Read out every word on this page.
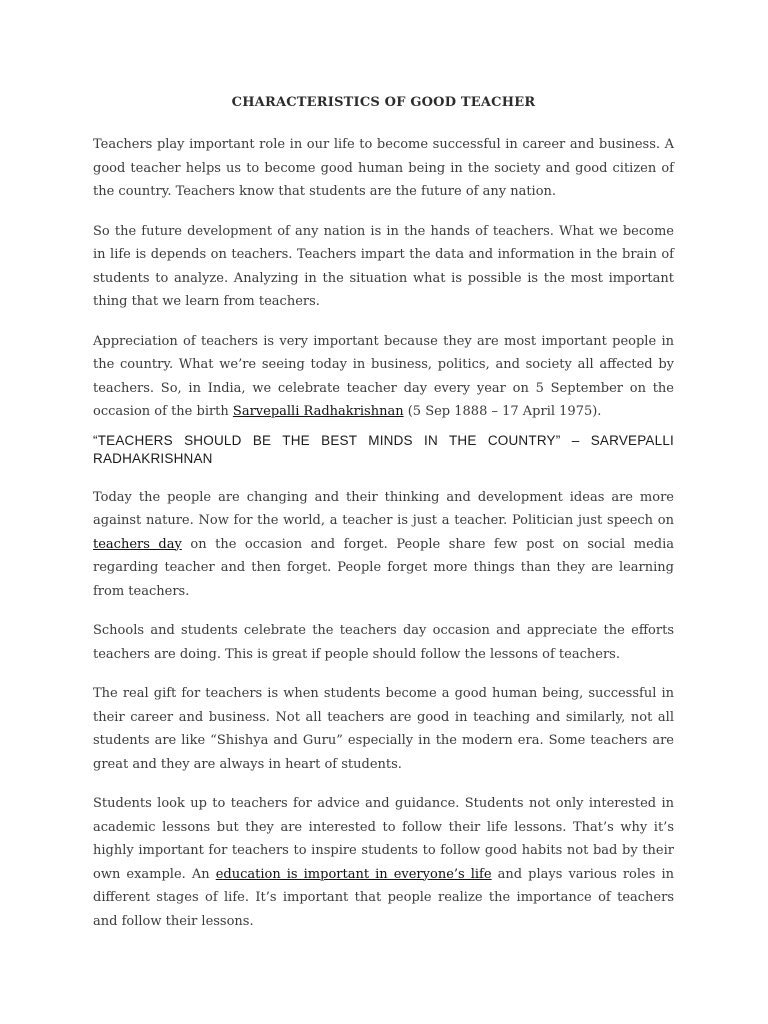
CHARACTERISTICS OF GOOD TEACHER

Teachers play important role in our life to become successful in career and business. A good teacher helps us to become good human being in the society and good citizen of the country. Teachers know that students are the future of any nation.

So the future development of any nation is in the hands of teachers. What we become in life is depends on teachers. Teachers impart the data and information in the brain of students to analyze. Analyzing in the situation what is possible is the most important thing that we learn from teachers.

Appreciation of teachers is very important because they are most important people in the country. What we’re seeing today in business, politics, and society all affected by teachers. So, in India, we celebrate teacher day every year on 5 September on the occasion of the birth Sarvepalli Radhakrishnan (5 Sep 1888 – 17 April 1975).

“TEACHERS SHOULD BE THE BEST MINDS IN THE COUNTRY” – SARVEPALLI RADHAKRISHNAN

Today the people are changing and their thinking and development ideas are more against nature. Now for the world, a teacher is just a teacher. Politician just speech on teachers day on the occasion and forget. People share few post on social media regarding teacher and then forget. People forget more things than they are learning from teachers.

Schools and students celebrate the teachers day occasion and appreciate the efforts teachers are doing. This is great if people should follow the lessons of teachers.

The real gift for teachers is when students become a good human being, successful in their career and business. Not all teachers are good in teaching and similarly, not all students are like “Shishya and Guru” especially in the modern era. Some teachers are great and they are always in heart of students.

Students look up to teachers for advice and guidance. Students not only interested in academic lessons but they are interested to follow their life lessons. That’s why it’s highly important for teachers to inspire students to follow good habits not bad by their own example. An education is important in everyone’s life and plays various roles in different stages of life. It’s important that people realize the importance of teachers and follow their lessons.
